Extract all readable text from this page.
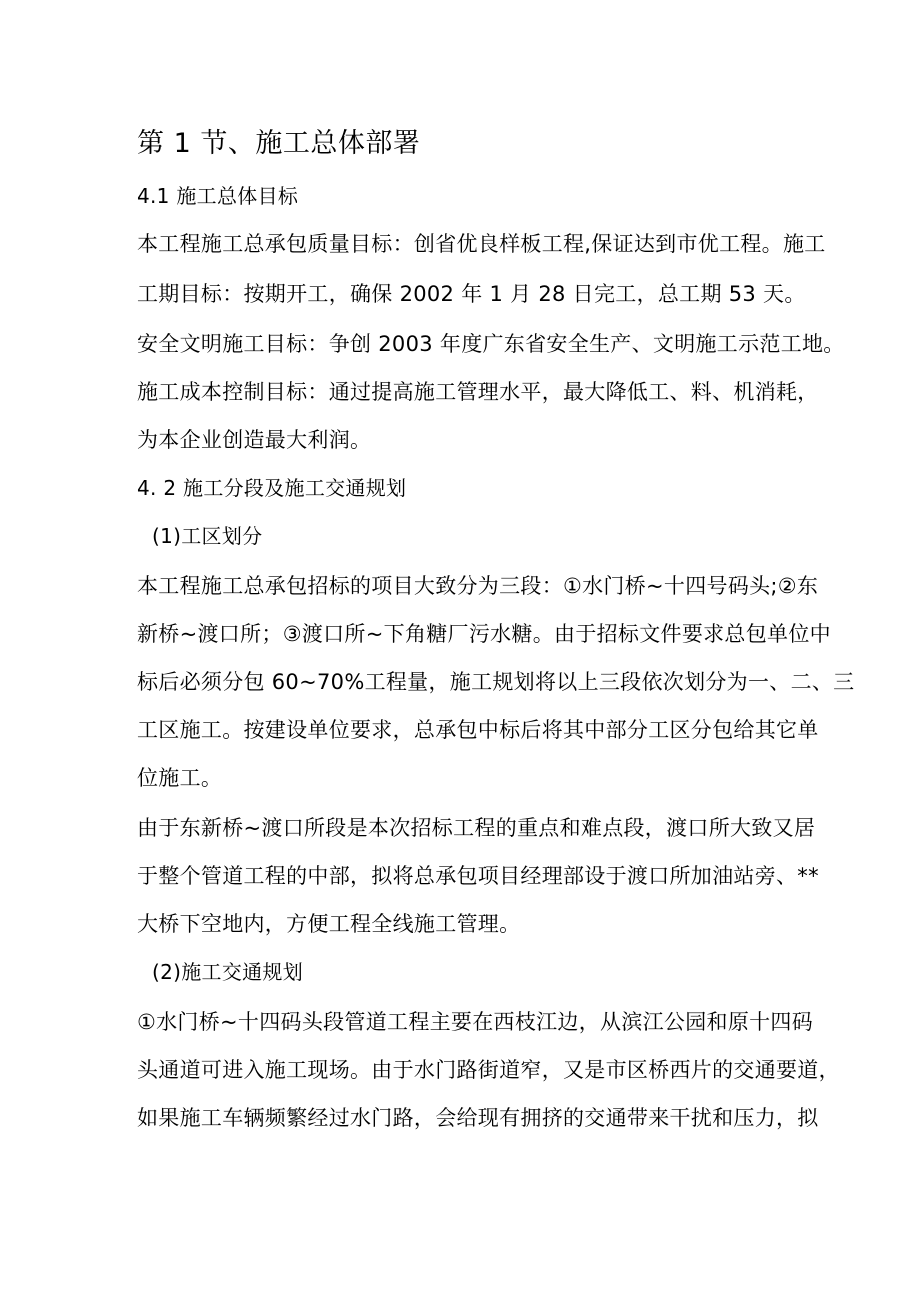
第 1 节、施工总体部署
4.1 施工总体目标
本工程施工总承包质量目标：创省优良样板工程,保证达到市优工程。施工
工期目标：按期开工，确保 2002 年 1 月 28 日完工，总工期 53 天。
安全文明施工目标：争创 2003 年度广东省安全生产、文明施工示范工地。
施工成本控制目标：通过提高施工管理水平，最大降低工、料、机消耗，
为本企业创造最大利润。
4. 2 施工分段及施工交通规划
(1)工区划分
本工程施工总承包招标的项目大致分为三段：①水门桥~十四号码头;②东
新桥~渡口所；③渡口所~下角糖厂污水糖。由于招标文件要求总包单位中
标后必须分包 60~70%工程量，施工规划将以上三段依次划分为一、二、三
工区施工。按建设单位要求，总承包中标后将其中部分工区分包给其它单
位施工。
由于东新桥~渡口所段是本次招标工程的重点和难点段，渡口所大致又居
于整个管道工程的中部，拟将总承包项目经理部设于渡口所加油站旁、**
大桥下空地内，方便工程全线施工管理。
(2)施工交通规划
①水门桥~十四码头段管道工程主要在西枝江边，从滨江公园和原十四码
头通道可进入施工现场。由于水门路街道窄，又是市区桥西片的交通要道，
如果施工车辆频繁经过水门路，会给现有拥挤的交通带来干扰和压力，拟
